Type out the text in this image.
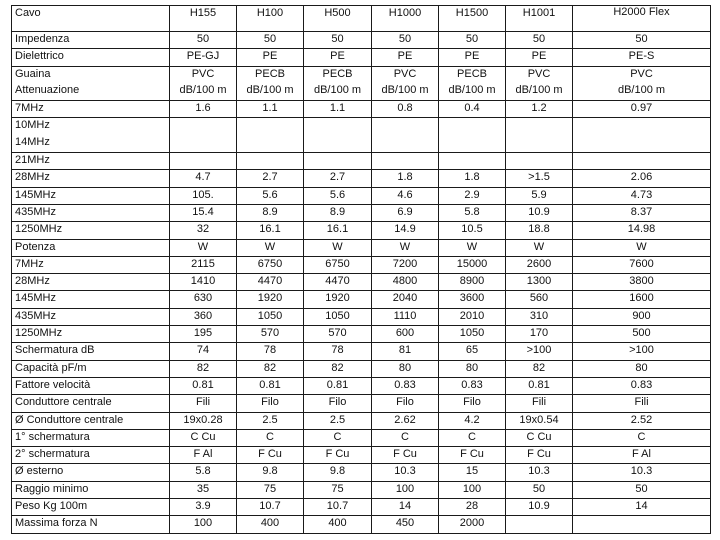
Cavo	H155	H100	H500	H1000	H1500	H1001	H2000 Flex
Impedenza	50	50	50	50	50	50	50
Dielettrico	PE-GJ	PE	PE	PE	PE	PE	PE-S
Guaina	PVC	PECB	PECB	PVC	PECB	PVC	PVC
Attenuazione	dB/100 m	dB/100 m	dB/100 m	dB/100 m	dB/100 m	dB/100 m	dB/100 m
7MHz	1.6	1.1	1.1	0.8	0.4	1.2	0.97
10MHz							
14MHz							
21MHz							
28MHz	4.7	2.7	2.7	1.8	1.8	>1.5	2.06
145MHz	105.	5.6	5.6	4.6	2.9	5.9	4.73
435MHz	15.4	8.9	8.9	6.9	5.8	10.9	8.37
1250MHz	32	16.1	16.1	14.9	10.5	18.8	14.98
Potenza	W	W	W	W	W	W	W
7MHz	2115	6750	6750	7200	15000	2600	7600
28MHz	1410	4470	4470	4800	8900	1300	3800
145MHz	630	1920	1920	2040	3600	560	1600
435MHz	360	1050	1050	1110	2010	310	900
1250MHz	195	570	570	600	1050	170	500
Schermatura dB	74	78	78	81	65	>100	>100
Capacità pF/m	82	82	82	80	80	82	80
Fattore velocità	0.81	0.81	0.81	0.83	0.83	0.81	0.83
Conduttore centrale	Fili	Filo	Filo	Filo	Filo	Fili	Fili
Ø Conduttore centrale	19x0.28	2.5	2.5	2.62	4.2	19x0.54	2.52
1° schermatura	C Cu	C	C	C	C	C Cu	C
2° schermatura	F Al	F Cu	F Cu	F Cu	F Cu	F Cu	F Al
Ø esterno	5.8	9.8	9.8	10.3	15	10.3	10.3
Raggio minimo	35	75	75	100	100	50	50
Peso Kg 100m	3.9	10.7	10.7	14	28	10.9	14
Massima forza N	100	400	400	450	2000		
